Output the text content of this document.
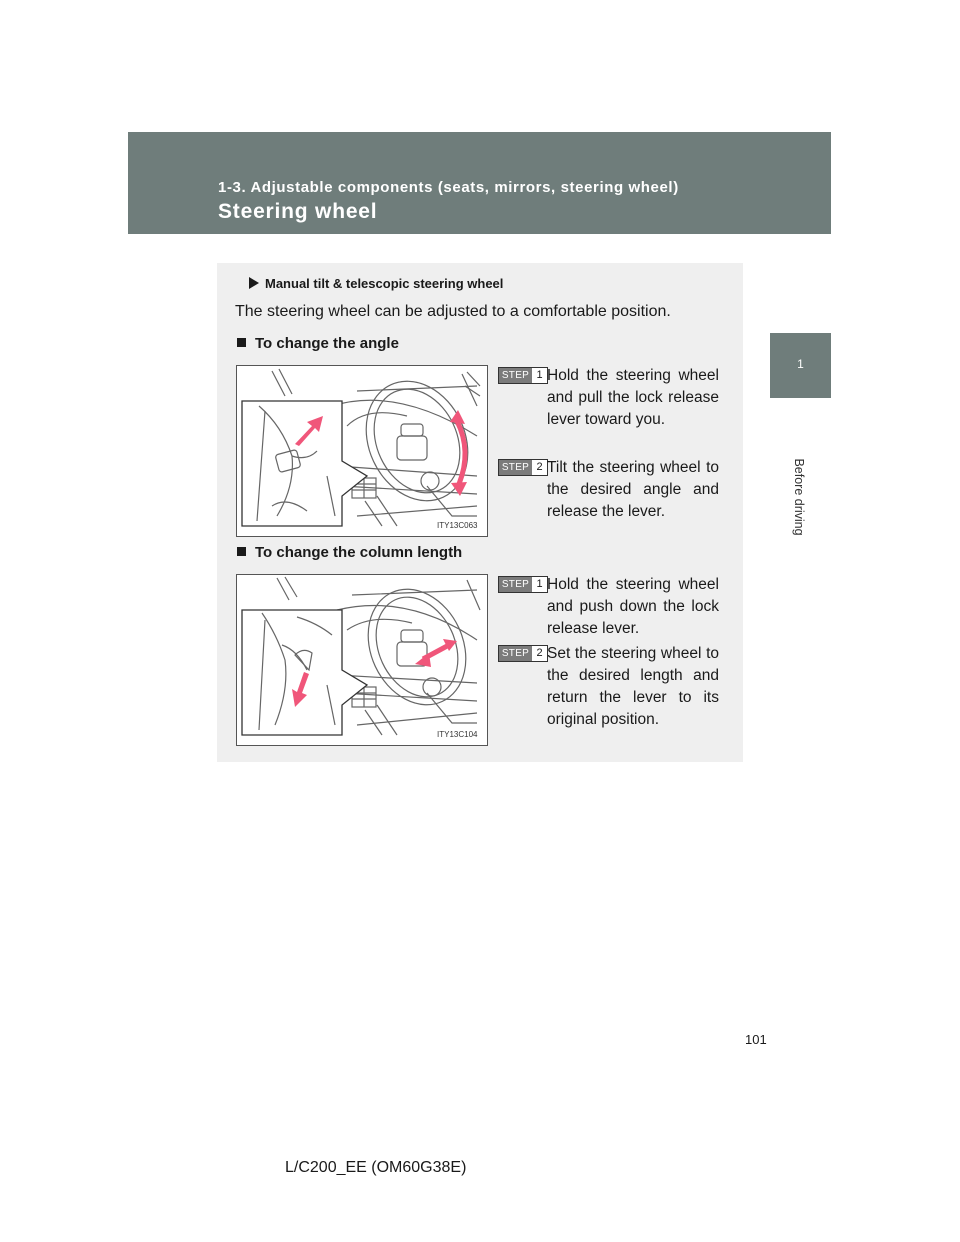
1-3. Adjustable components (seats, mirrors, steering wheel)
Steering wheel
1
Before driving
Manual tilt & telescopic steering wheel
The steering wheel can be adjusted to a comfortable position.
To change the angle
ITY13C063
STEP 1 Hold the steering wheel and pull the lock release lever toward you.
STEP 2 Tilt the steering wheel to the desired angle and release the lever.
To change the column length
ITY13C104
STEP 1 Hold the steering wheel and push down the lock release lever.
STEP 2 Set the steering wheel to the desired length and return the lever to its original position.
101
L/C200_EE (OM60G38E)
